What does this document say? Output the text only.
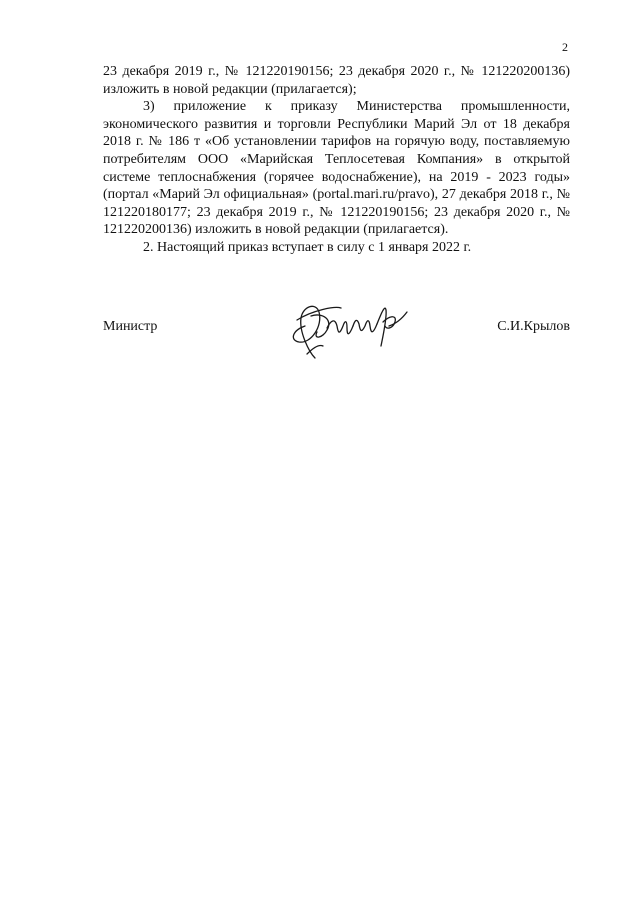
2

23 декабря 2019 г., № 121220190156; 23 декабря 2020 г., № 121220200136) изложить в новой редакции (прилагается);

3) приложение к приказу Министерства промышленности, экономического развития и торговли Республики Марий Эл от 18 декабря 2018 г. № 186 т «Об установлении тарифов на горячую воду, поставляемую потребителям ООО «Марийская Теплосетевая Компания» в открытой системе теплоснабжения (горячее водоснабжение), на 2019 - 2023 годы» (портал «Марий Эл официальная» (portal.mari.ru/pravo), 27 декабря 2018 г., № 121220180177; 23 декабря 2019 г., № 121220190156; 23 декабря 2020 г., № 121220200136) изложить в новой редакции (прилагается).

2. Настоящий приказ вступает в силу с 1 января 2022 г.

Министр	С.И.Крылов
